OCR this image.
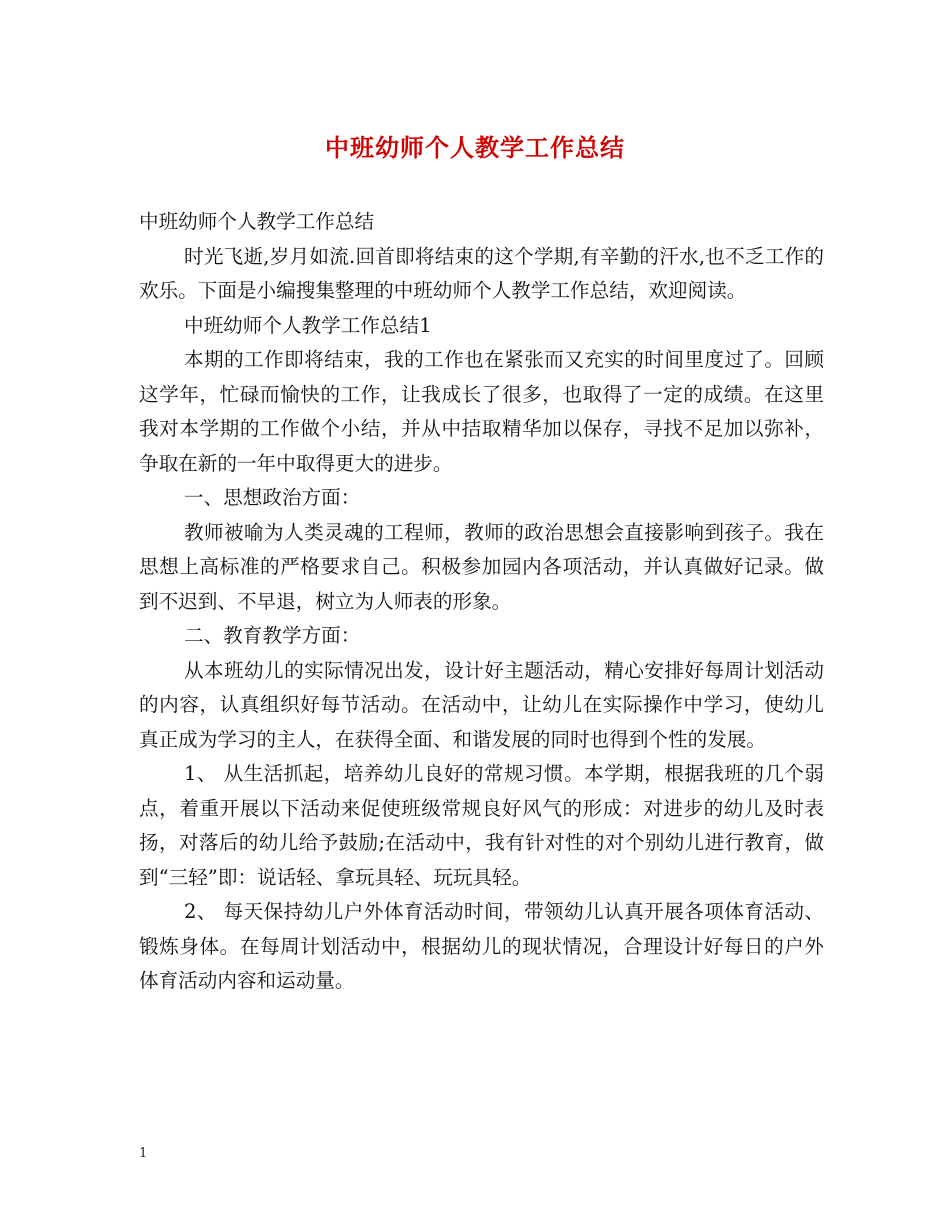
中班幼师个人教学工作总结

中班幼师个人教学工作总结

时光飞逝,岁月如流.回首即将结束的这个学期,有辛勤的汗水,也不乏工作的欢乐。下面是小编搜集整理的中班幼师个人教学工作总结，欢迎阅读。

中班幼师个人教学工作总结1

本期的工作即将结束，我的工作也在紧张而又充实的时间里度过了。回顾这学年，忙碌而愉快的工作，让我成长了很多，也取得了一定的成绩。在这里我对本学期的工作做个小结，并从中拮取精华加以保存，寻找不足加以弥补，争取在新的一年中取得更大的进步。

一、思想政治方面：

教师被喻为人类灵魂的工程师，教师的政治思想会直接影响到孩子。我在思想上高标准的严格要求自己。积极参加园内各项活动，并认真做好记录。做到不迟到、不早退，树立为人师表的形象。

二、教育教学方面：

从本班幼儿的实际情况出发，设计好主题活动，精心安排好每周计划活动的内容，认真组织好每节活动。在活动中，让幼儿在实际操作中学习，使幼儿真正成为学习的主人，在获得全面、和谐发展的同时也得到个性的发展。

1、 从生活抓起，培养幼儿良好的常规习惯。本学期，根据我班的几个弱点，着重开展以下活动来促使班级常规良好风气的形成：对进步的幼儿及时表扬，对落后的幼儿给予鼓励;在活动中，我有针对性的对个别幼儿进行教育，做到“三轻”即：说话轻、拿玩具轻、玩玩具轻。

2、 每天保持幼儿户外体育活动时间，带领幼儿认真开展各项体育活动、锻炼身体。在每周计划活动中，根据幼儿的现状情况，合理设计好每日的户外体育活动内容和运动量。

1
